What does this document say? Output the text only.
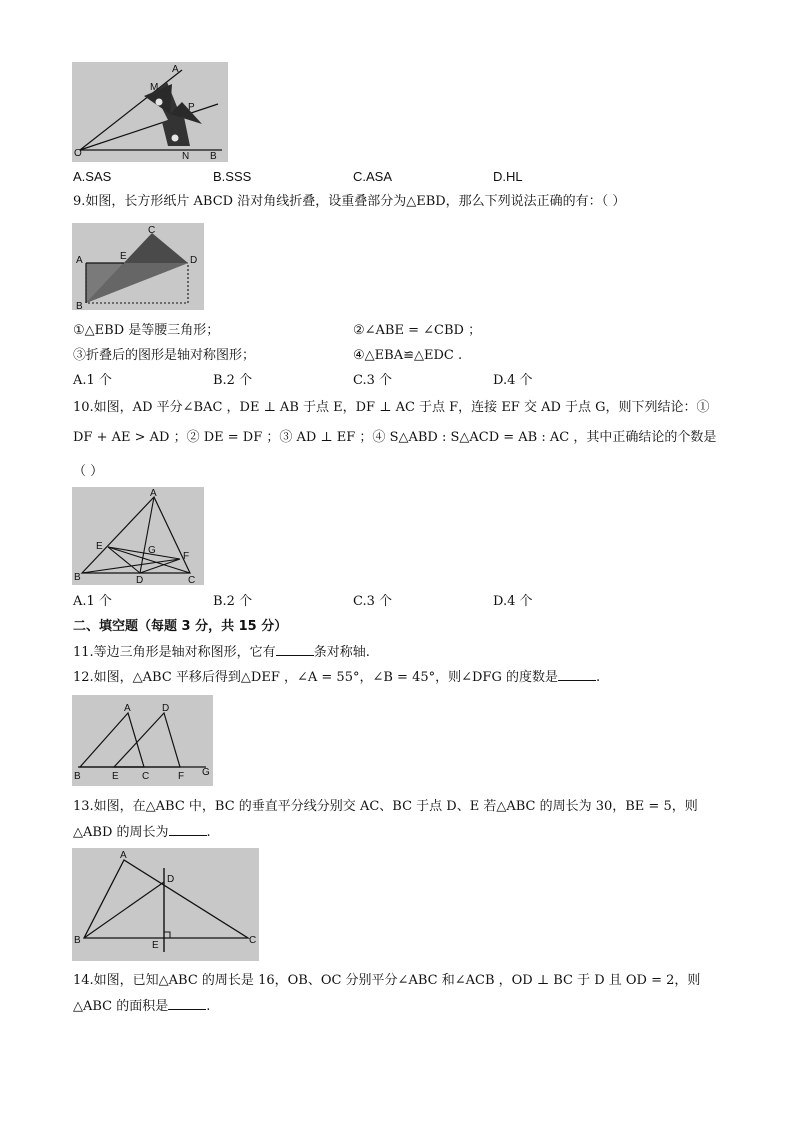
A
M
P
O	N B
A.SAS	B.SSS	C.ASA	D.HL
9.如图，长方形纸片 ABCD 沿对角线折叠，设重叠部分为△EBD，那么下列说法正确的有：（ ）
A
C
E	D
B
①△EBD 是等腰三角形；	②∠ABE = ∠CBD ；
③折叠后的图形是轴对称图形；	④△EBA≌△EDC .
A.1 个	B.2 个	C.3 个	D.4 个
10.如图，AD 平分∠BAC ，DE ⊥ AB 于点 E，DF ⊥ AC 于点 F，连接 EF 交 AD 于点 G，则下列结论：①
DF + AE > AD ；② DE = DF ；③ AD ⊥ EF ；④ S△ABD : S△ACD = AB : AC ，其中正确结论的个数是
（ ）
A
E	G
F
B	D	C
A.1 个	B.2 个	C.3 个	D.4 个
二、填空题（每题 3 分，共 15 分）
11.等边三角形是轴对称图形，它有	条对称轴.
12.如图，△ABC 平移后得到△DEF ，∠A = 55°，∠B = 45°，则∠DFG 的度数是	.
A	D
B	E C	F G
13.如图，在△ABC 中，BC 的垂直平分线分别交 AC、BC 于点 D、E 若△ABC 的周长为 30，BE = 5，则
△ABD 的周长为	.
A
D
B	E	C
14.如图，已知△ABC 的周长是 16，OB、OC 分别平分∠ABC 和∠ACB ，OD ⊥ BC 于 D 且 OD = 2，则
△ABC 的面积是	.
